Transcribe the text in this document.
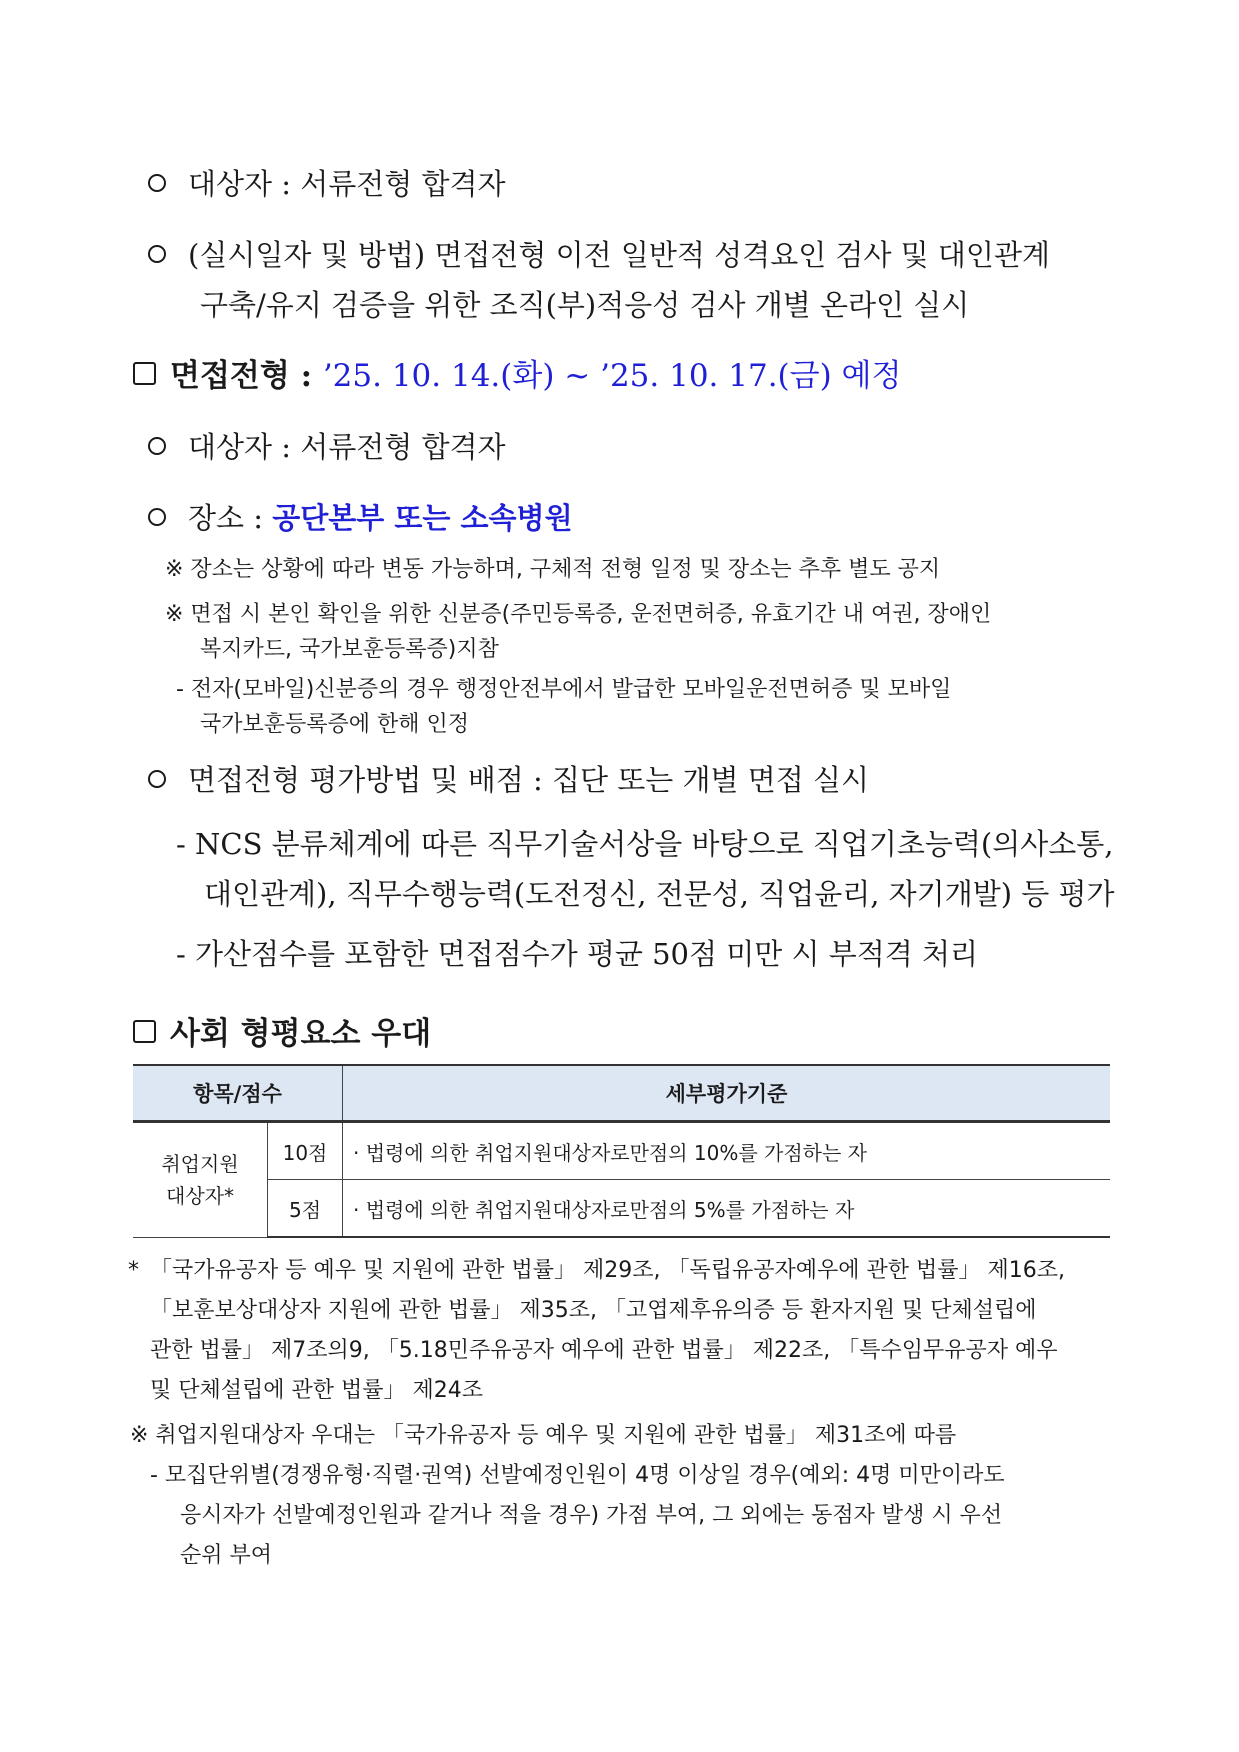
대상자 : 서류전형 합격자
(실시일자 및 방법) 면접전형 이전 일반적 성격요인 검사 및 대인관계
구축/유지 검증을 위한 조직(부)적응성 검사 개별 온라인 실시
면접전형 : ’25. 10. 14.(화) ~ ’25. 10. 17.(금) 예정
대상자 : 서류전형 합격자
장소 : 공단본부 또는 소속병원
※ 장소는 상황에 따라 변동 가능하며, 구체적 전형 일정 및 장소는 추후 별도 공지
※ 면접 시 본인 확인을 위한 신분증(주민등록증, 운전면허증, 유효기간 내 여권, 장애인
복지카드, 국가보훈등록증)지참
- 전자(모바일)신분증의 경우 행정안전부에서 발급한 모바일운전면허증 및 모바일
국가보훈등록증에 한해 인정
면접전형 평가방법 및 배점 : 집단 또는 개별 면접 실시
- NCS 분류체계에 따른 직무기술서상을 바탕으로 직업기초능력(의사소통,
대인관계), 직무수행능력(도전정신, 전문성, 직업윤리, 자기개발) 등 평가
- 가산점수를 포함한 면접점수가 평균 50점 미만 시 부적격 처리
사회 형평요소 우대
항목/점수		세부평가기준

취업지원
대상자*	10점	· 법령에 의한 취업지원대상자로만점의 10%를 가점하는 자
	5점	· 법령에 의한 취업지원대상자로만점의 5%를 가점하는 자
* 「국가유공자 등 예우 및 지원에 관한 법률」 제29조, 「독립유공자예우에 관한 법률」 제16조,
「보훈보상대상자 지원에 관한 법률」 제35조, 「고엽제후유의증 등 환자지원 및 단체설립에
관한 법률」 제7조의9, 「5.18민주유공자 예우에 관한 법률」 제22조, 「특수임무유공자 예우
및 단체설립에 관한 법률」 제24조
※ 취업지원대상자 우대는 「국가유공자 등 예우 및 지원에 관한 법률」 제31조에 따름
- 모집단위별(경쟁유형·직렬·권역) 선발예정인원이 4명 이상일 경우(예외: 4명 미만이라도
응시자가 선발예정인원과 같거나 적을 경우) 가점 부여, 그 외에는 동점자 발생 시 우선
순위 부여
